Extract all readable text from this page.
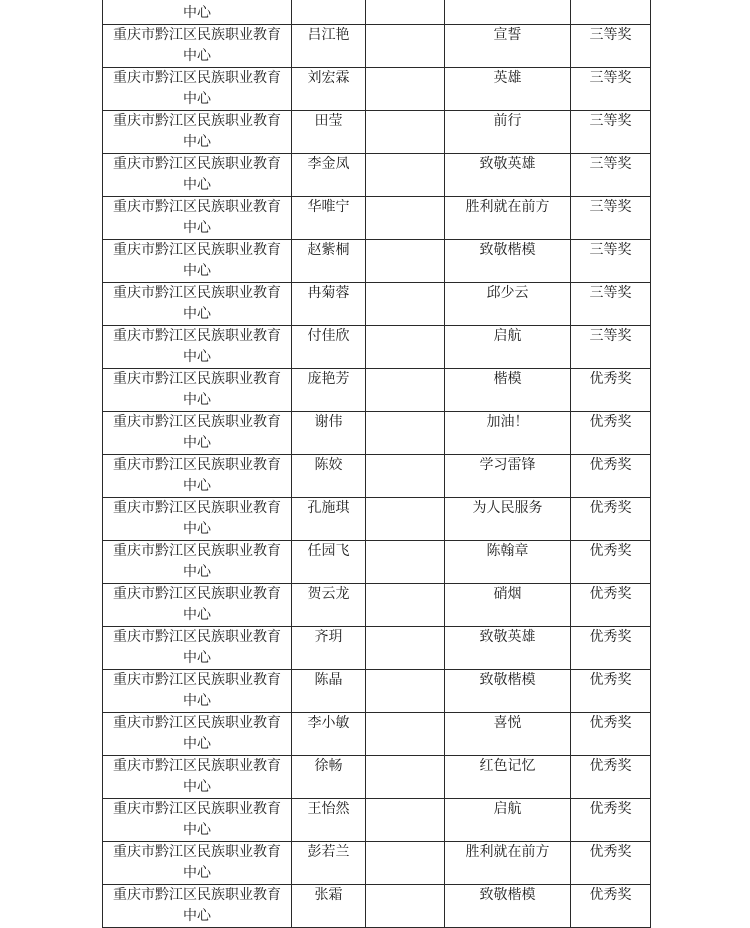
中心				
重庆市黔江区民族职业教育中心	吕江艳		宣誓	三等奖
重庆市黔江区民族职业教育中心	刘宏霖		英雄	三等奖
重庆市黔江区民族职业教育中心	田莹		前行	三等奖
重庆市黔江区民族职业教育中心	李金凤		致敬英雄	三等奖
重庆市黔江区民族职业教育中心	华唯宁		胜利就在前方	三等奖
重庆市黔江区民族职业教育中心	赵紫桐		致敬楷模	三等奖
重庆市黔江区民族职业教育中心	冉菊蓉		邱少云	三等奖
重庆市黔江区民族职业教育中心	付佳欣		启航	三等奖
重庆市黔江区民族职业教育中心	庞艳芳		楷模	优秀奖
重庆市黔江区民族职业教育中心	谢伟		加油！	优秀奖
重庆市黔江区民族职业教育中心	陈姣		学习雷锋	优秀奖
重庆市黔江区民族职业教育中心	孔施琪		为人民服务	优秀奖
重庆市黔江区民族职业教育中心	任园飞		陈翰章	优秀奖
重庆市黔江区民族职业教育中心	贺云龙		硝烟	优秀奖
重庆市黔江区民族职业教育中心	齐玥		致敬英雄	优秀奖
重庆市黔江区民族职业教育中心	陈晶		致敬楷模	优秀奖
重庆市黔江区民族职业教育中心	李小敏		喜悦	优秀奖
重庆市黔江区民族职业教育中心	徐畅		红色记忆	优秀奖
重庆市黔江区民族职业教育中心	王怡然		启航	优秀奖
重庆市黔江区民族职业教育中心	彭若兰		胜利就在前方	优秀奖
重庆市黔江区民族职业教育中心	张霜		致敬楷模	优秀奖
